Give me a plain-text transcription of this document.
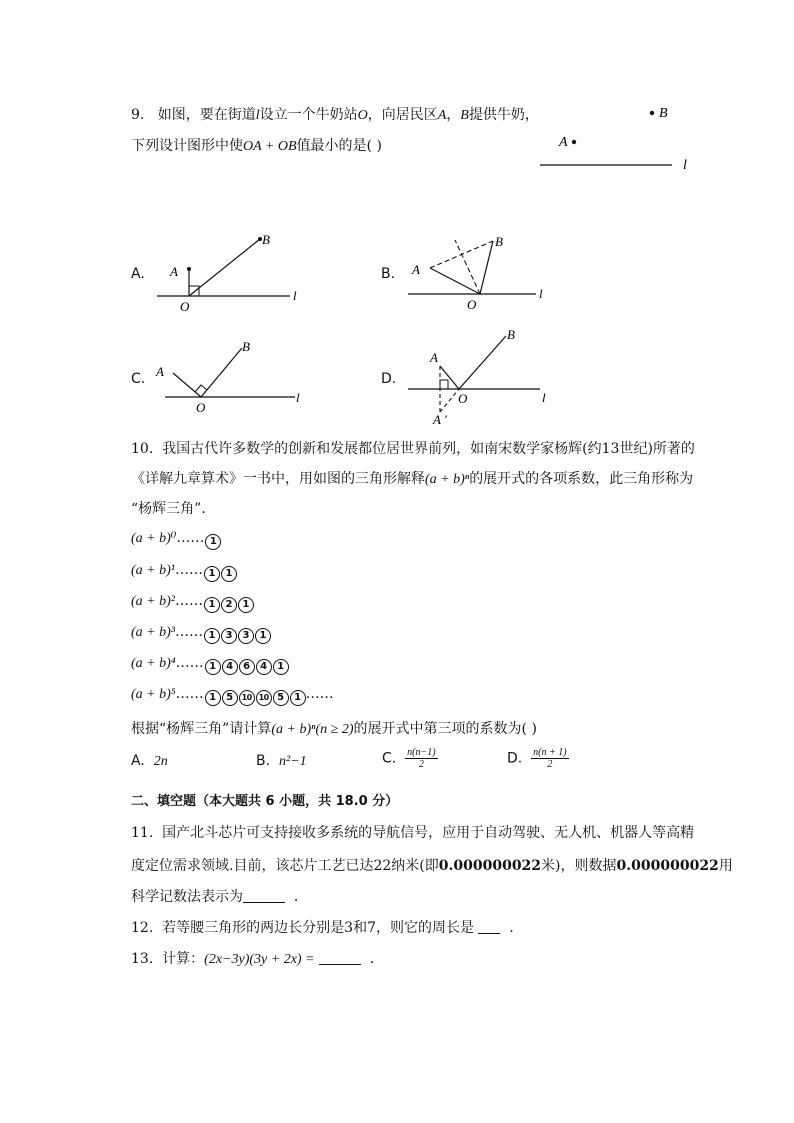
9. 如图，要在街道l设立一个牛奶站O，向居民区A，B提供牛奶，
下列设计图形中使OA + OB值最小的是( )
B
A
l
A. A
B
O
l
B. A
B
O
l
C. A
B
O
l
D.
A
B
O	l
A ′
10. 我国古代许多数学的创新和发展都位居世界前列，如南宋数学家杨辉(约13世纪)所著的
《详解九章算术》一书中，用如图的三角形解释(a + b)ⁿ的展开式的各项系数，此三角形称为
“杨辉三角”．
(a + b)⁰…… 1
(a + b)¹…… 1 1
(a + b)²…… 1 2 1
(a + b)³…… 1 3 3 1
(a + b)⁴…… 1 4 6 4 1
(a + b)⁵…… 1 5 10 10 5 1 ……
根据“杨辉三角”请计算(a + b)ⁿ(n ≥ 2)的展开式中第三项的系数为( )
A. 2n	B. n²−1	C. $\frac{n(n-1)}{2}$	D. $\frac{n(n + 1)}{2}$
二、填空题（本大题共 6 小题，共 18.0 分）
11. 国产北斗芯片可支持接收多系统的导航信号，应用于自动驾驶、无人机、机器人等高精
度定位需求领域.目前，该芯片工艺已达22纳米(即0.000000022米)，则数据0.000000022用
科学记数法表示为	．
12. 若等腰三角形的两边长分别是3和7，则它的周长是	．
13. 计算：(2x−3y)(3y + 2x) =	．
